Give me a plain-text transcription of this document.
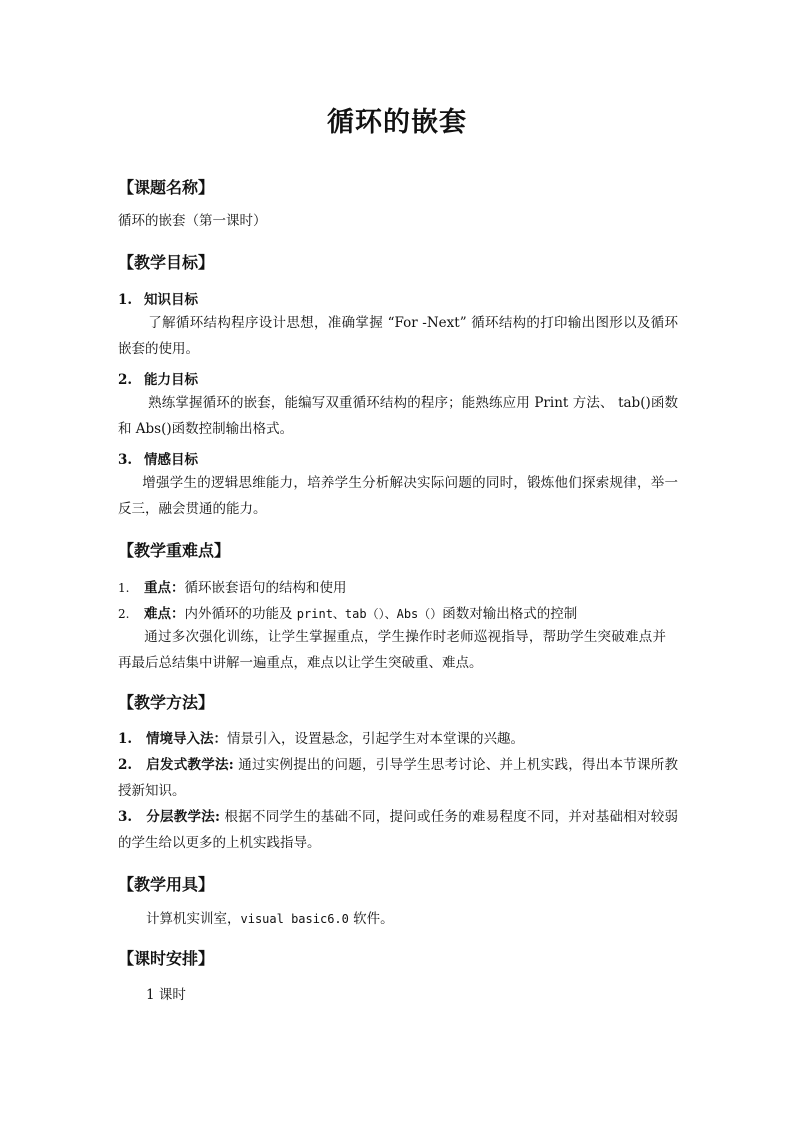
循环的嵌套
【课题名称】
循环的嵌套（第一课时）
【教学目标】
1. 知识目标
了解循环结构程序设计思想，准确掌握 “For -Next” 循环结构的打印输出图形以及循环嵌套的使用。
2. 能力目标
熟练掌握循环的嵌套，能编写双重循环结构的程序；能熟练应用 Print 方法、 tab()函数和 Abs()函数控制输出格式。
3. 情感目标
增强学生的逻辑思维能力，培养学生分析解决实际问题的同时，锻炼他们探索规律，举一反三，融会贯通的能力。
【教学重难点】
1. 重点：循环嵌套语句的结构和使用
2. 难点：内外循环的功能及 print、tab（）、Abs（）函数对输出格式的控制
通过多次强化训练，让学生掌握重点，学生操作时老师巡视指导，帮助学生突破难点并再最后总结集中讲解一遍重点，难点以让学生突破重、难点。
【教学方法】
1. 情境导入法：情景引入，设置悬念，引起学生对本堂课的兴趣。
2. 启发式教学法: 通过实例提出的问题，引导学生思考讨论、并上机实践，得出本节课所教授新知识。
3. 分层教学法: 根据不同学生的基础不同，提问或任务的难易程度不同，并对基础相对较弱的学生给以更多的上机实践指导。
【教学用具】
计算机实训室，visual basic6.0 软件。
【课时安排】
1 课时
